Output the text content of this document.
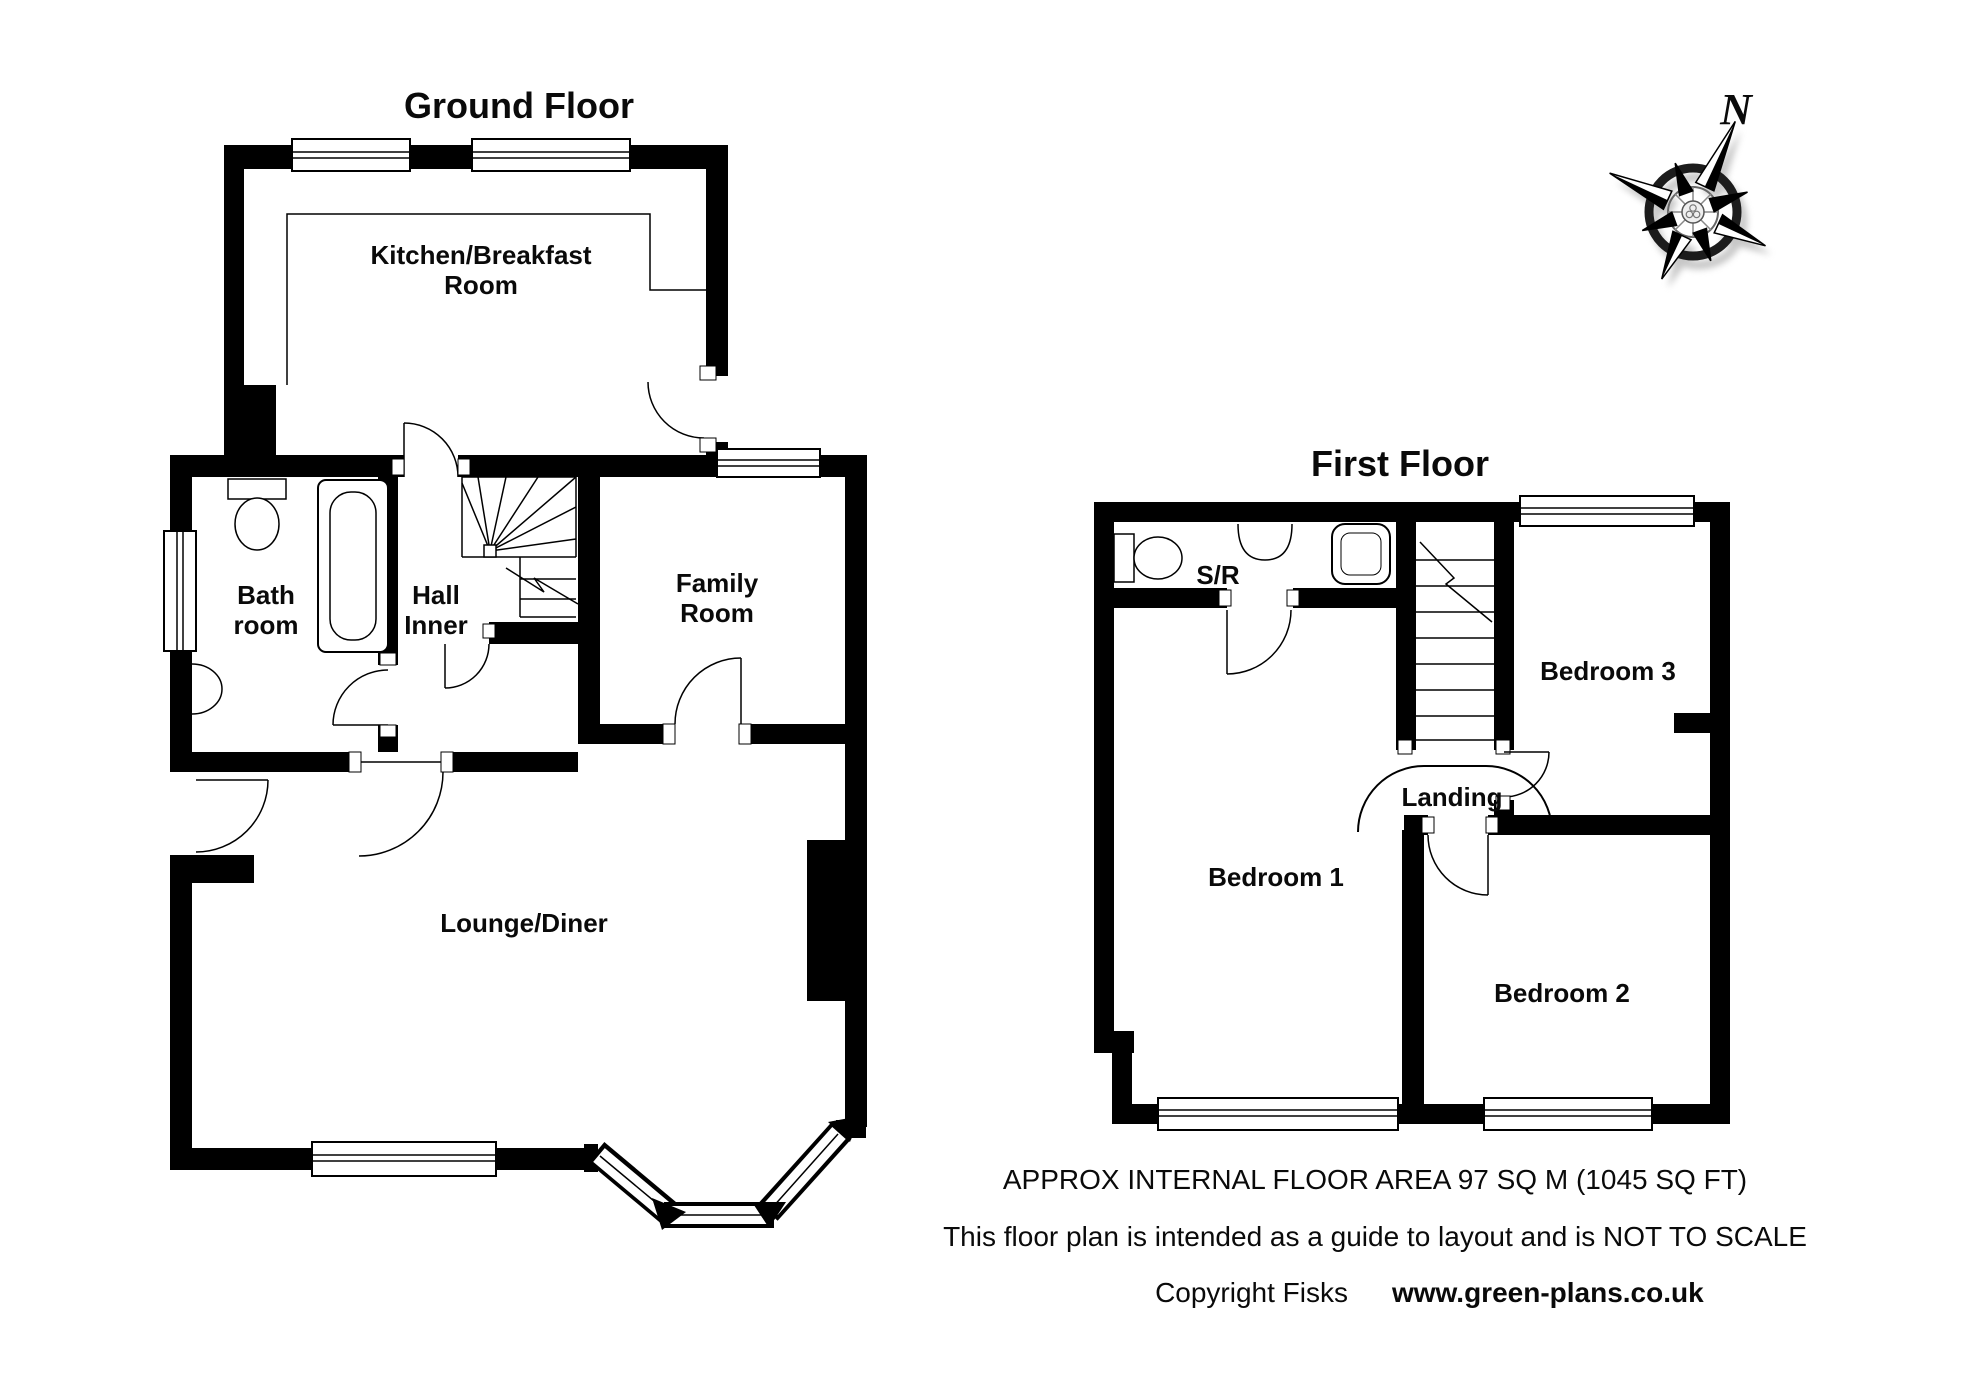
Ground Floor
Kitchen/Breakfast
Room
Bath
room
Hall
Inner
Family
Room
Lounge/Diner
First Floor
S/R
Bedroom 3
Landing
Bedroom 1
Bedroom 2
N
APPROX INTERNAL FLOOR AREA 97 SQ M (1045 SQ FT)
This floor plan is intended as a guide to layout and is NOT TO SCALE
Copyright Fisks www.green-plans.co.uk
